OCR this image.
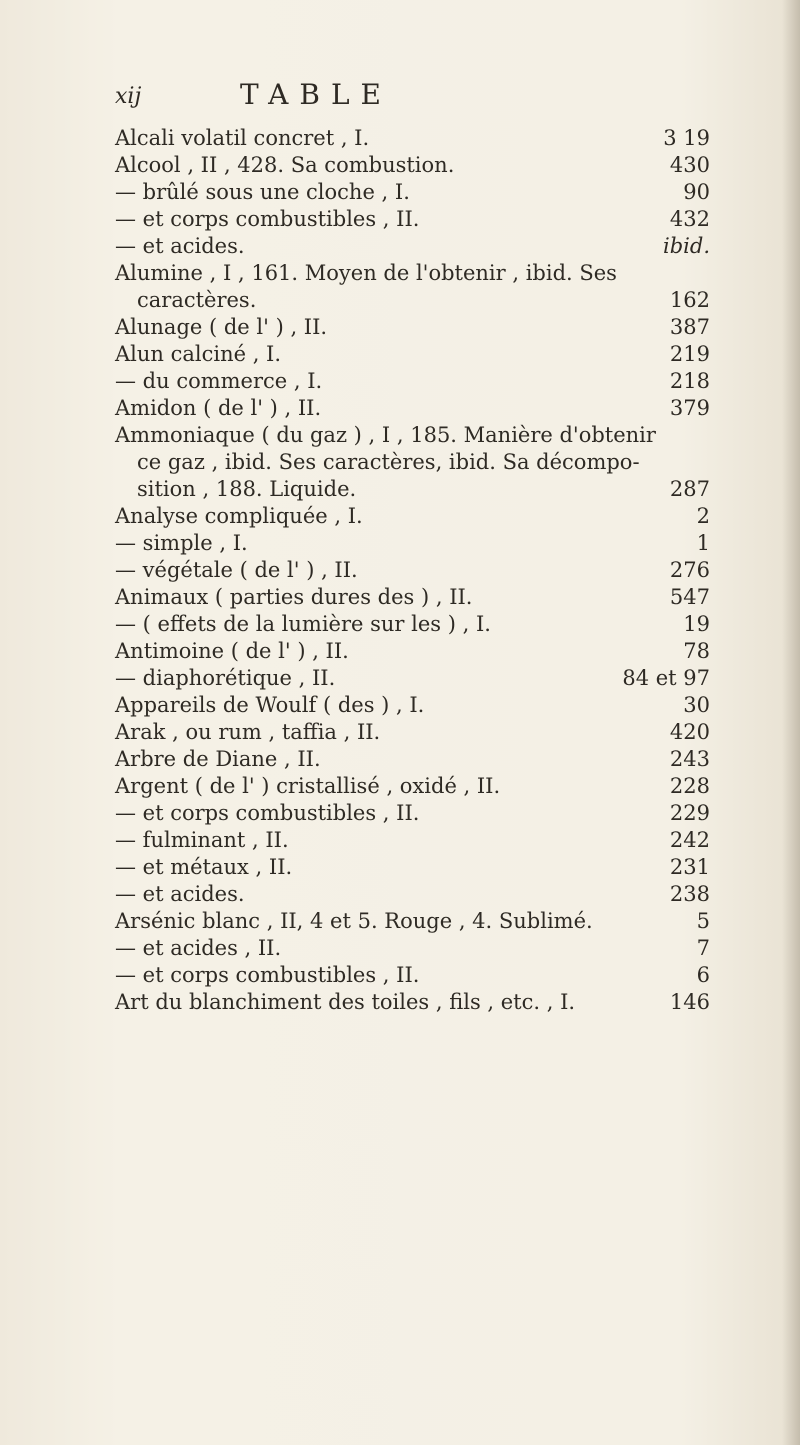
xij	TABLE
Alcali volatil concret , I.
Alcool , II , 428. Sa combustion.
— brûlé sous une cloche , I.
— et corps combustibles , II.
— et acides.
Alumine , I , 161. Moyen de l'obtenir , ibid. Ses
caractères.
Alunage ( de l' ) , II.
Alun calciné , I.
— du commerce , I.
Amidon ( de l' ) , II.
Ammoniaque ( du gaz ) , I , 185. Manière d'obtenir
ce gaz , ibid. Ses caractères, ibid. Sa décompo-
sition , 188. Liquide.
Analyse compliquée , I.
— simple , I.
— végétale ( de l' ) , II.
Animaux ( parties dures des ) , II.
— ( effets de la lumière sur les ) , I.
Antimoine ( de l' ) , II.
— diaphorétique , II.
Appareils de Woulf ( des ) , I.
Arak , ou rum , taffia , II.
Arbre de Diane , II.
Argent ( de l' ) cristallisé , oxidé , II.
— et corps combustibles , II.
— fulminant , II.
— et métaux , II.
— et acides.
Arsénic blanc , II, 4 et 5. Rouge , 4. Sublimé.
— et acides , II.
— et corps combustibles , II.
Art du blanchiment des toiles , fils , etc. , I.
3 19
430
90
432
ibid.
162
387
219
218
379
287
2
1
276
547
19
78
84 et 97
30
420
243
228
229
242
231
238
5
7
6
146
